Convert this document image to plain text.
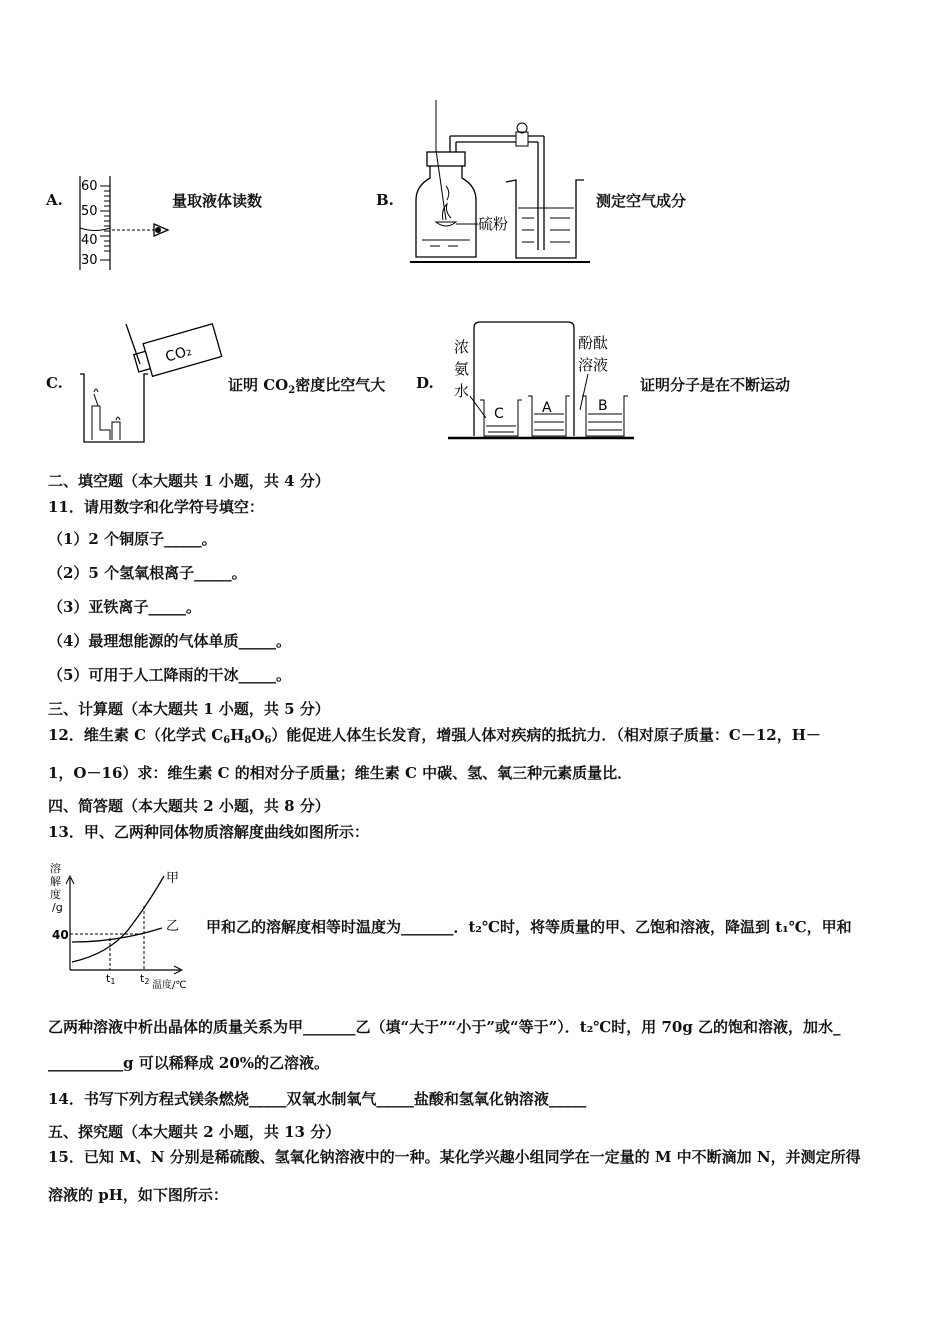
A.
60
50
40
30
量取液体读数	B.
硫粉
测定空气成分
C.
CO₂
证明 $CO_2$密度比空气大 D.
浓
氨
水
酚酞
溶液
C	A	B
证明分子是在不断运动
二、填空题（本大题共 1 小题，共 4 分）
11．请用数字和化学符号填空：
（1）2 个铜原子_____。
（2）5 个氢氧根离子_____。
（3）亚铁离子_____。
（4）最理想能源的气体单质_____。
（5）可用于人工降雨的干冰_____。
三、计算题（本大题共 1 小题，共 5 分）
12．维生素 C（化学式 $C_6H_8O_6$）能促进人体生长发育，增强人体对疾病的抵抗力．（相对原子质量：C－12，H－
1，O－16）求：维生素 C 的相对分子质量；维生素 C 中碳、氢、氧三种元素质量比．
四、简答题（本大题共 2 小题，共 8 分）
13．甲、乙两种同体物质溶解度曲线如图所示：
溶
解
度
/g
40
甲
乙
t1 t2 温度/℃
甲和乙的溶解度相等时温度为_______．t₂℃时，将等质量的甲、乙饱和溶液，降温到 t₁℃，甲和
乙两种溶液中析出晶体的质量关系为甲_______乙（填“大于”“小于”或“等于”）．t₂℃时，用 70g 乙的饱和溶液，加水_
__________g 可以稀释成 20%的乙溶液。
14．书写下列方程式镁条燃烧_____双氧水制氧气_____盐酸和氢氧化钠溶液_____
五、探究题（本大题共 2 小题，共 13 分）
15．已知 M、N 分别是稀硫酸、氢氧化钠溶液中的一种。某化学兴趣小组同学在一定量的 M 中不断滴加 N，并测定所得
溶液的 pH，如下图所示：
